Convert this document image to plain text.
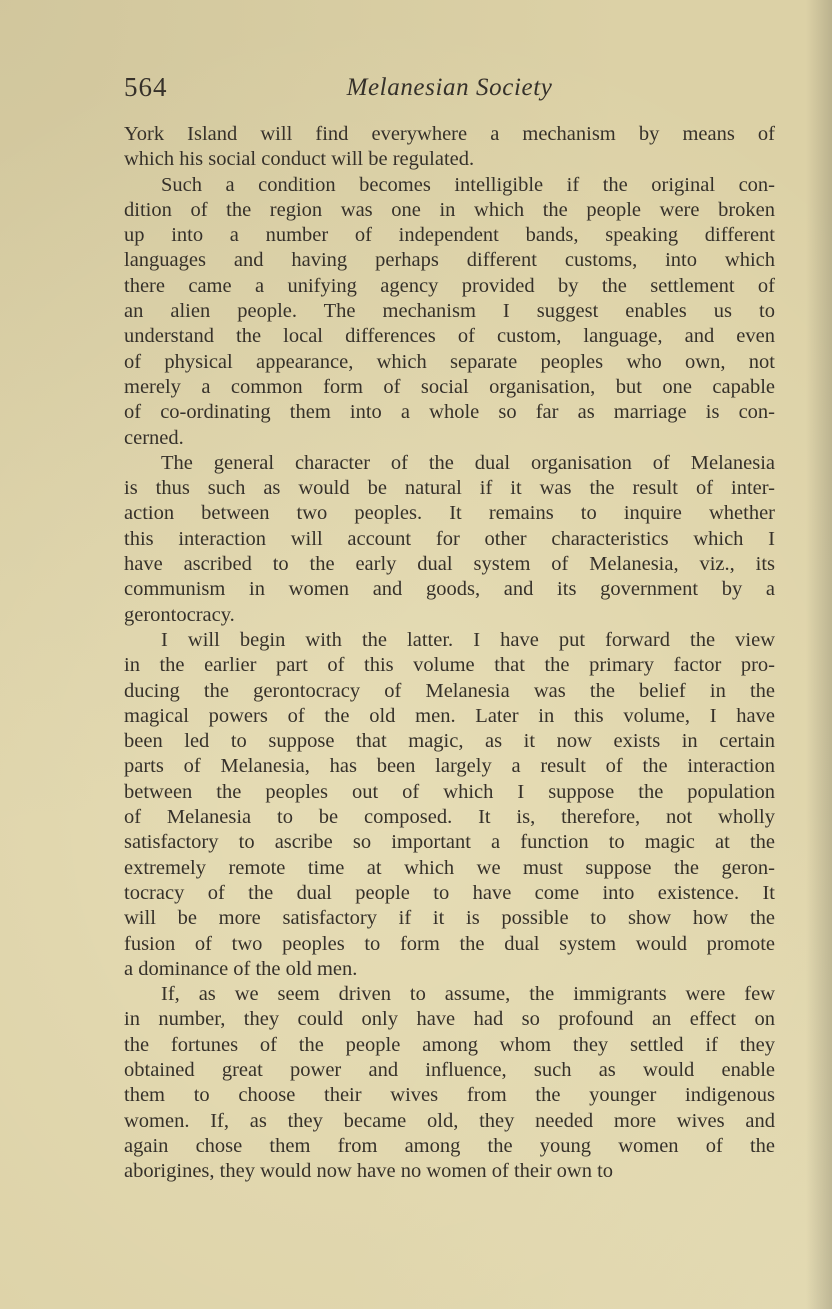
564	Melanesian Society

York Island will find everywhere a mechanism by means of
which his social conduct will be regulated.

Such a condition becomes intelligible if the original con-
dition of the region was one in which the people were broken
up into a number of independent bands, speaking different
languages and having perhaps different customs, into which
there came a unifying agency provided by the settlement of
an alien people. The mechanism I suggest enables us to
understand the local differences of custom, language, and even
of physical appearance, which separate peoples who own, not
merely a common form of social organisation, but one capable
of co-ordinating them into a whole so far as marriage is con-
cerned.

The general character of the dual organisation of Melanesia
is thus such as would be natural if it was the result of inter-
action between two peoples. It remains to inquire whether
this interaction will account for other characteristics which I
have ascribed to the early dual system of Melanesia, viz., its
communism in women and goods, and its government by a
gerontocracy.

I will begin with the latter. I have put forward the view
in the earlier part of this volume that the primary factor pro-
ducing the gerontocracy of Melanesia was the belief in the
magical powers of the old men. Later in this volume, I have
been led to suppose that magic, as it now exists in certain
parts of Melanesia, has been largely a result of the interaction
between the peoples out of which I suppose the population
of Melanesia to be composed. It is, therefore, not wholly
satisfactory to ascribe so important a function to magic at the
extremely remote time at which we must suppose the geron-
tocracy of the dual people to have come into existence. It
will be more satisfactory if it is possible to show how the
fusion of two peoples to form the dual system would promote
a dominance of the old men.

If, as we seem driven to assume, the immigrants were few
in number, they could only have had so profound an effect on
the fortunes of the people among whom they settled if they
obtained great power and influence, such as would enable
them to choose their wives from the younger indigenous
women. If, as they became old, they needed more wives and
again chose them from among the young women of the
aborigines, they would now have no women of their own to
